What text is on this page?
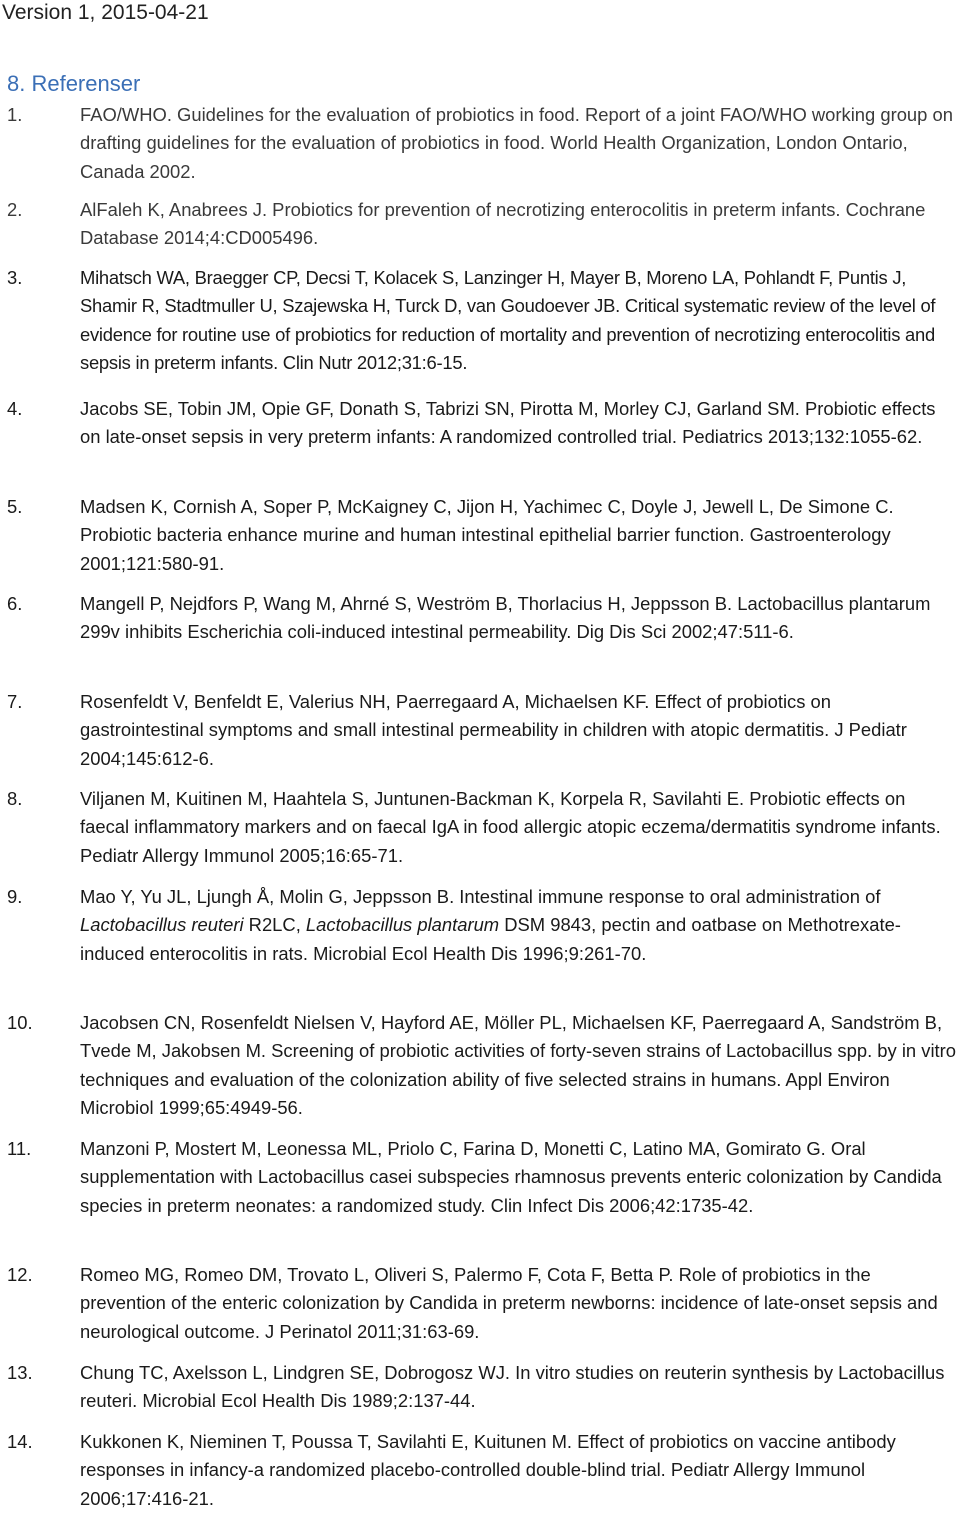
Version 1, 2015-04-21
8. Referenser
1.	FAO/WHO. Guidelines for the evaluation of probiotics in food. Report of a joint FAO/WHO working group on drafting guidelines for the evaluation of probiotics in food. World Health Organization, London Ontario, Canada 2002.
2.	AlFaleh K, Anabrees J. Probiotics for prevention of necrotizing enterocolitis in preterm infants. Cochrane Database 2014;4:CD005496.
3.	Mihatsch WA, Braegger CP, Decsi T, Kolacek S, Lanzinger H, Mayer B, Moreno LA, Pohlandt F, Puntis J, Shamir R, Stadtmuller U, Szajewska H, Turck D, van Goudoever JB. Critical systematic review of the level of evidence for routine use of probiotics for reduction of mortality and prevention of necrotizing enterocolitis and sepsis in preterm infants. Clin Nutr 2012;31:6-15.
4.	Jacobs SE, Tobin JM, Opie GF, Donath S, Tabrizi SN, Pirotta M, Morley CJ, Garland SM. Probiotic effects on late-onset sepsis in very preterm infants: A randomized controlled trial. Pediatrics 2013;132:1055-62.
5.	Madsen K, Cornish A, Soper P, McKaigney C, Jijon H, Yachimec C, Doyle J, Jewell L, De Simone C. Probiotic bacteria enhance murine and human intestinal epithelial barrier function. Gastroenterology 2001;121:580-91.
6.	Mangell P, Nejdfors P, Wang M, Ahrné S, Weström B, Thorlacius H, Jeppsson B. Lactobacillus plantarum 299v inhibits Escherichia coli-induced intestinal permeability. Dig Dis Sci 2002;47:511-6.
7.	Rosenfeldt V, Benfeldt E, Valerius NH, Paerregaard A, Michaelsen KF. Effect of probiotics on gastrointestinal symptoms and small intestinal permeability in children with atopic dermatitis. J Pediatr 2004;145:612-6.
8.	Viljanen M, Kuitinen M, Haahtela S, Juntunen-Backman K, Korpela R, Savilahti E. Probiotic effects on faecal inflammatory markers and on faecal IgA in food allergic atopic eczema/dermatitis syndrome infants. Pediatr Allergy Immunol 2005;16:65-71.
9.	Mao Y, Yu JL, Ljungh Å, Molin G, Jeppsson B. Intestinal immune response to oral administration of Lactobacillus reuteri R2LC, Lactobacillus plantarum DSM 9843, pectin and oatbase on Methotrexate-induced enterocolitis in rats. Microbial Ecol Health Dis 1996;9:261-70.
10.	Jacobsen CN, Rosenfeldt Nielsen V, Hayford AE, Möller PL, Michaelsen KF, Paerregaard A, Sandström B, Tvede M, Jakobsen M. Screening of probiotic activities of forty-seven strains of Lactobacillus spp. by in vitro techniques and evaluation of the colonization ability of five selected strains in humans. Appl Environ Microbiol 1999;65:4949-56.
11.	Manzoni P, Mostert M, Leonessa ML, Priolo C, Farina D, Monetti C, Latino MA, Gomirato G. Oral supplementation with Lactobacillus casei subspecies rhamnosus prevents enteric colonization by Candida species in preterm neonates: a randomized study. Clin Infect Dis 2006;42:1735-42.
12.	Romeo MG, Romeo DM, Trovato L, Oliveri S, Palermo F, Cota F, Betta P. Role of probiotics in the prevention of the enteric colonization by Candida in preterm newborns: incidence of late-onset sepsis and neurological outcome. J Perinatol 2011;31:63-69.
13.	Chung TC, Axelsson L, Lindgren SE, Dobrogosz WJ. In vitro studies on reuterin synthesis by Lactobacillus reuteri. Microbial Ecol Health Dis 1989;2:137-44.
14.	Kukkonen K, Nieminen T, Poussa T, Savilahti E, Kuitunen M. Effect of probiotics on vaccine antibody responses in infancy-a randomized placebo-controlled double-blind trial. Pediatr Allergy Immunol 2006;17:416-21.
